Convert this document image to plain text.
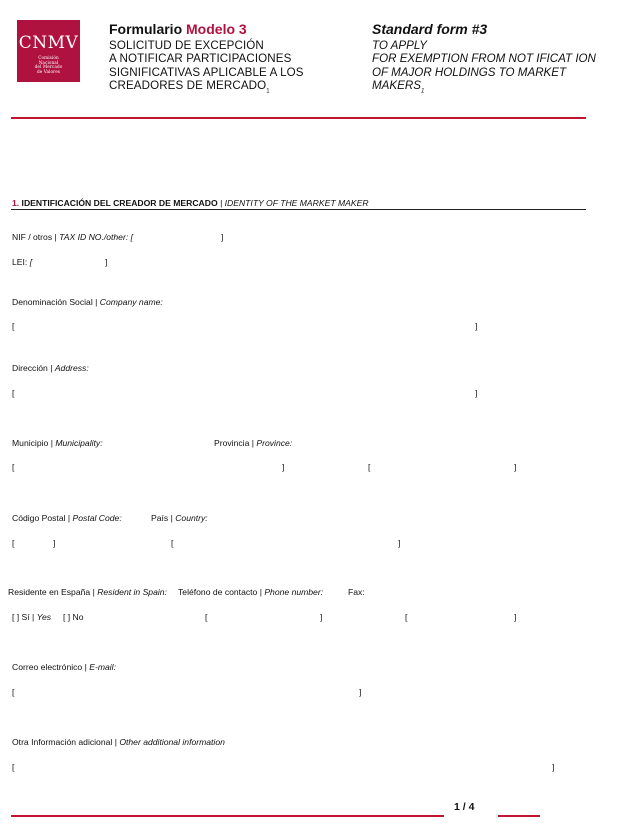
CNMV
Comisión
Nacional
del Mercado
de Valores
Formulario Modelo 3	Standard form #3
SOLICITUD DE EXCEPCIÓN
A NOTIFICAR PARTICIPACIONES
SIGNIFICATIVAS APLICABLE A LOS
CREADORES DE $MERCADO_1$
TO APPLY
FOR EXEMPTION FROM NOT IFICAT ION
OF MAJOR HOLDINGS TO MARKET
$MAKERS_1$
1. IDENTIFICACIÓN DEL CREADOR DE MERCADO | IDENTITY OF THE MARKET MAKER
NIF / otros | TAX ID NO./other: [	]
LEI: [	]
Denominación Social | Company name:
[	]
Dirección | Address:
[	]
Municipio | Municipality:	Provincia | Province:
[	]	[	]
Código Postal | Postal Code:	País | Country:
[	]	[	]
Residente en España | Resident in Spain: Teléfono de contacto | Phone number:	Fax:
[ ] Sí | Yes [ ] No	[	]	[	]
Correo electrónico | E-mail:
[	]
Otra Información adicional | Other additional information
[	]
1 / 4
